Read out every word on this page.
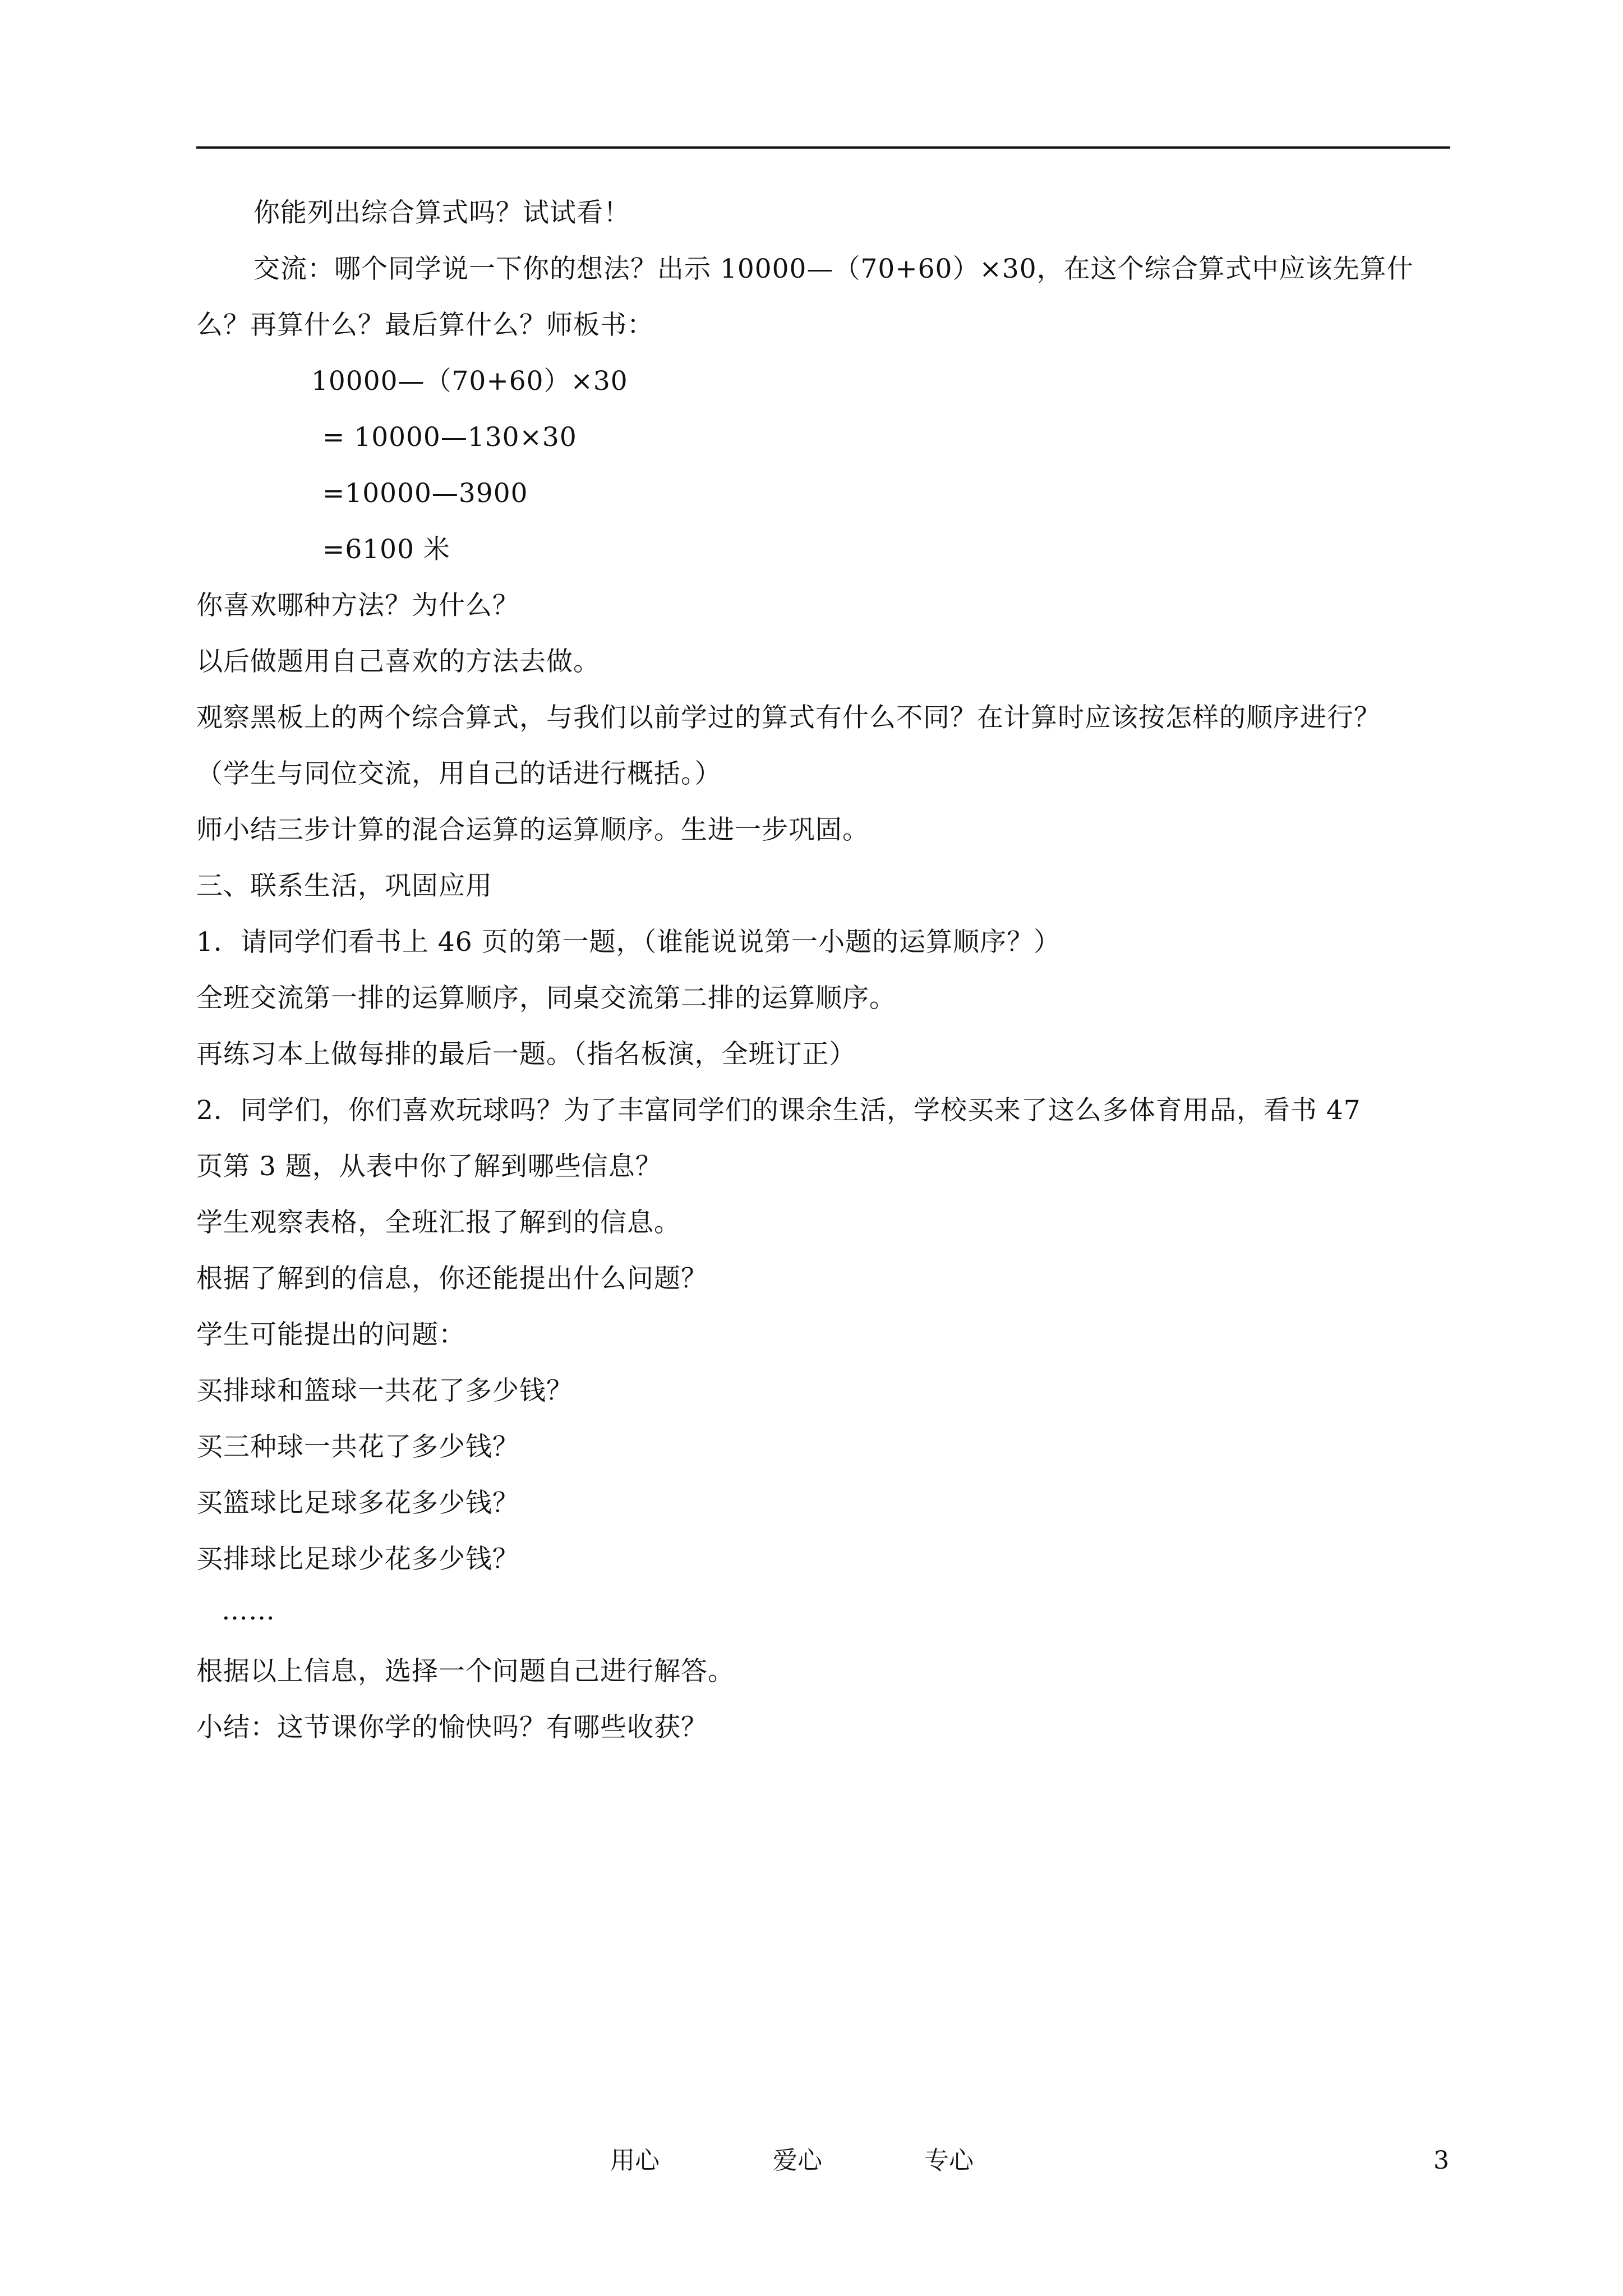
你能列出综合算式吗？试试看！
交流：哪个同学说一下你的想法？出示 10000—（70+60）×30，在这个综合算式中应该先算什
么？再算什么？最后算什么？师板书：
10000—（70+60）×30
= 10000—130×30
=10000—3900
=6100 米
你喜欢哪种方法？为什么？
以后做题用自己喜欢的方法去做。
观察黑板上的两个综合算式，与我们以前学过的算式有什么不同？在计算时应该按怎样的顺序进行？
（学生与同位交流，用自己的话进行概括。）
师小结三步计算的混合运算的运算顺序。生进一步巩固。
三、联系生活，巩固应用
1．请同学们看书上 46 页的第一题，（谁能说说第一小题的运算顺序？）
全班交流第一排的运算顺序，同桌交流第二排的运算顺序。
再练习本上做每排的最后一题。（指名板演，全班订正）
2．同学们，你们喜欢玩球吗？为了丰富同学们的课余生活，学校买来了这么多体育用品，看书 47
页第 3 题，从表中你了解到哪些信息？
学生观察表格，全班汇报了解到的信息。
根据了解到的信息，你还能提出什么问题？
学生可能提出的问题：
买排球和篮球一共花了多少钱？
买三种球一共花了多少钱？
买篮球比足球多花多少钱？
买排球比足球少花多少钱？
……
根据以上信息，选择一个问题自己进行解答。
小结：这节课你学的愉快吗？有哪些收获？
用心	爱心	专心	3
